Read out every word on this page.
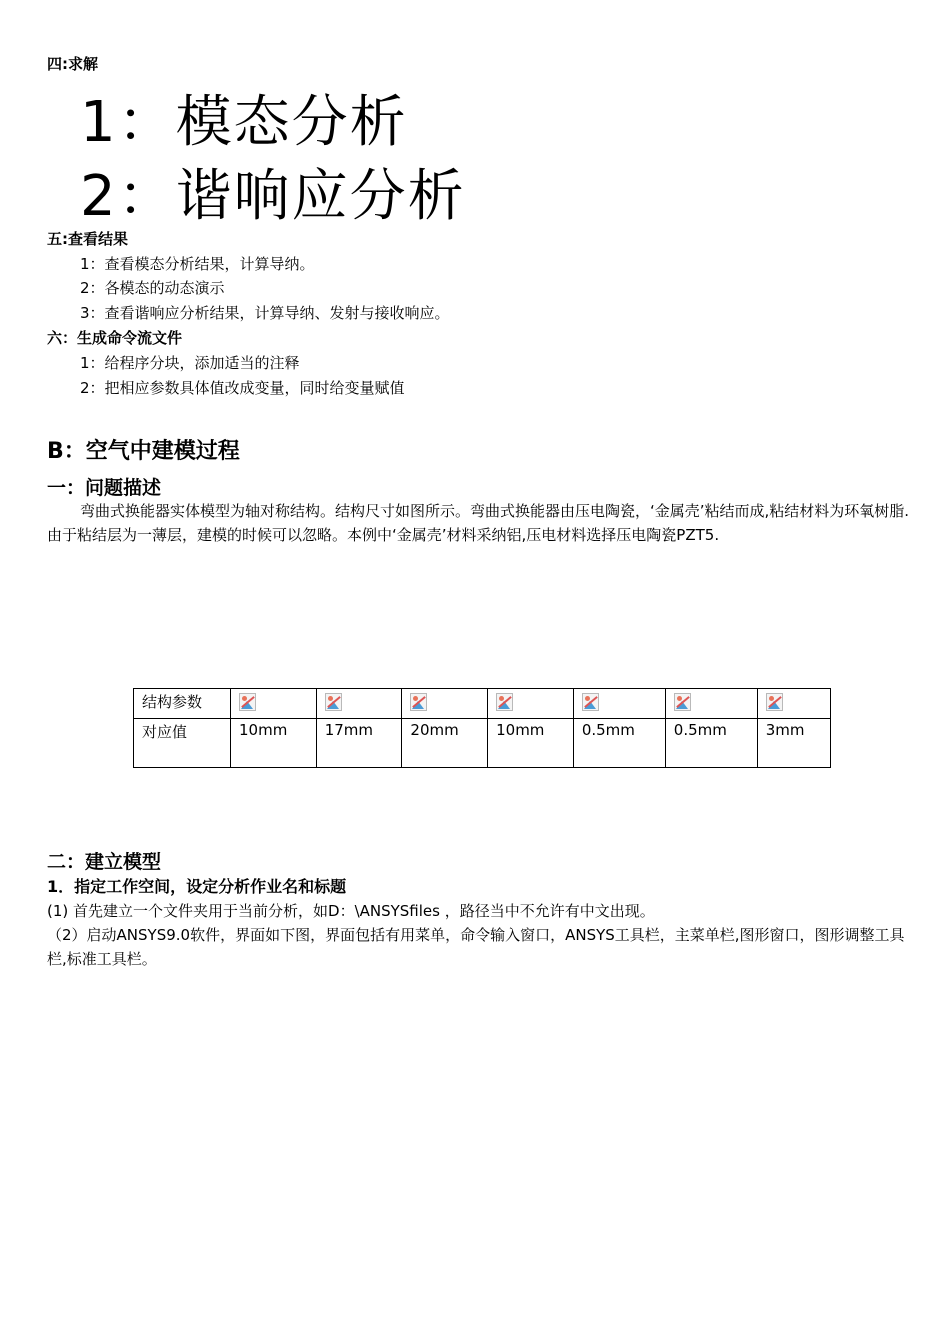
四:求解
1：模态分析
2：谐响应分析
五:查看结果
1：查看模态分析结果，计算导纳。
2：各模态的动态演示
3：查看谐响应分析结果，计算导纳、发射与接收响应。
六：生成命令流文件
1：给程序分块，添加适当的注释
2：把相应参数具体值改成变量，同时给变量赋值
B：空气中建模过程
一：问题描述
弯曲式换能器实体模型为轴对称结构。结构尺寸如图所示。弯曲式换能器由压电陶瓷，‘金属壳’粘结而成,粘结材料为环氧树脂.由于粘结层为一薄层，建模的时候可以忽略。本例中‘金属壳’材料采纳铝,压电材料选择压电陶瓷PZT5.
结构参数	

对应值	10mm	17mm	20mm	10mm	0.5mm	0.5mm	3mm
二：建立模型
1．指定工作空间，设定分析作业名和标题
(1) 首先建立一个文件夹用于当前分析，如D：\ANSYSfiles ，路径当中不允许有中文出现。
（2）启动ANSYS9.0软件，界面如下图，界面包括有用菜单，命令输入窗口，ANSYS工具栏，主菜单栏,图形窗口，图形调整工具栏,标准工具栏。
